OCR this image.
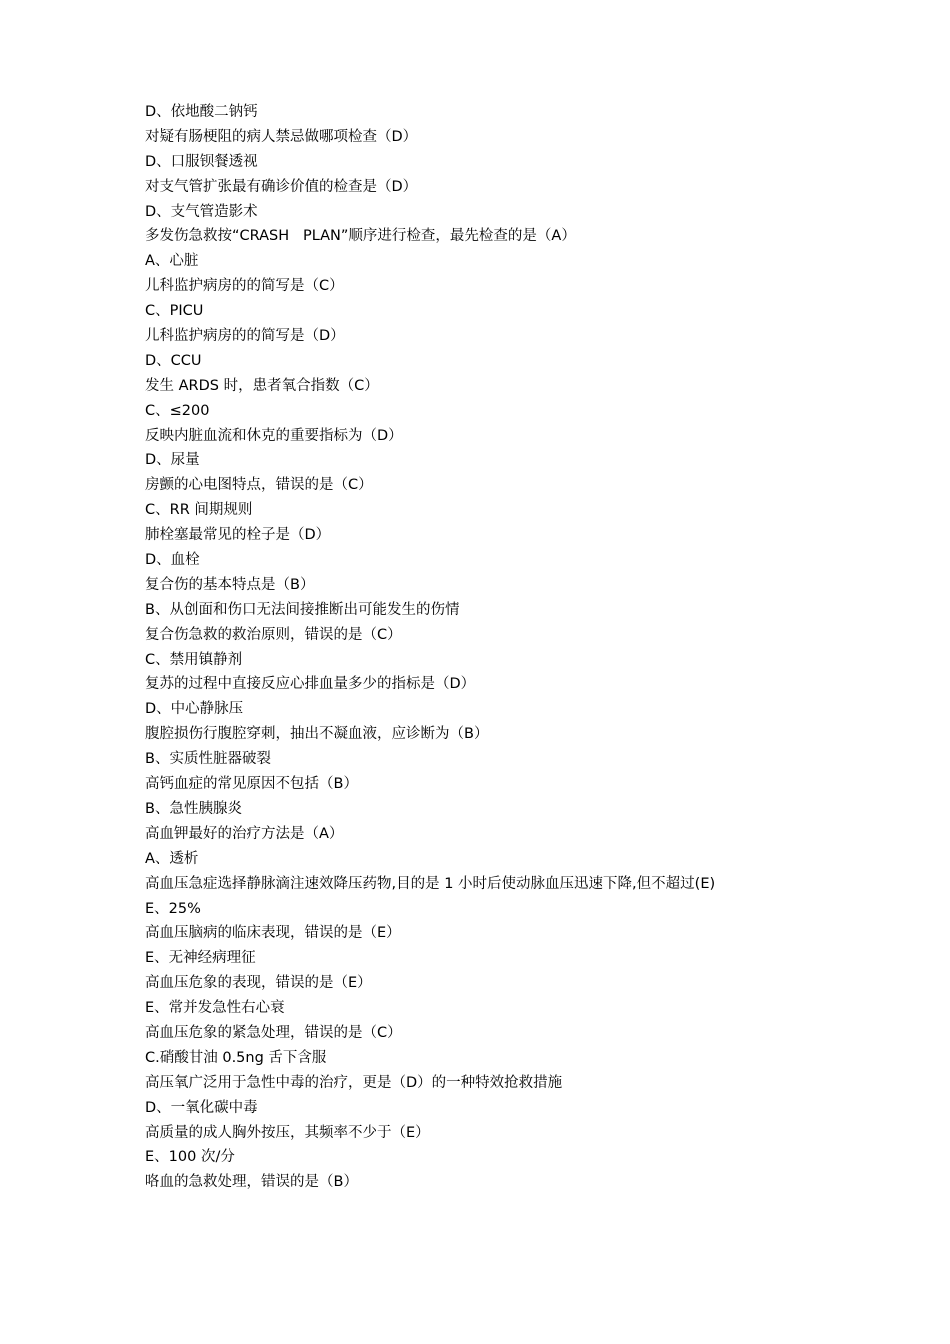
D、依地酸二钠钙
对疑有肠梗阻的病人禁忌做哪项检查（D）
D、口服钡餐透视
对支气管扩张最有确诊价值的检查是（D）
D、支气管造影术
多发伤急救按“CRASH   PLAN”顺序进行检查，最先检查的是（A）
A、心脏
儿科监护病房的的简写是（C）
C、PICU
儿科监护病房的的简写是（D）
D、CCU
发生 ARDS 时，患者氧合指数（C）
C、≤200
反映内脏血流和休克的重要指标为（D）
D、尿量
房颤的心电图特点，错误的是（C）
C、RR 间期规则
肺栓塞最常见的栓子是（D）
D、血栓
复合伤的基本特点是（B）
B、从创面和伤口无法间接推断出可能发生的伤情
复合伤急救的救治原则，错误的是（C）
C、禁用镇静剂
复苏的过程中直接反应心排血量多少的指标是（D）
D、中心静脉压
腹腔损伤行腹腔穿刺，抽出不凝血液，应诊断为（B）
B、实质性脏器破裂
高钙血症的常见原因不包括（B）
B、急性胰腺炎
高血钾最好的治疗方法是（A）
A、透析
高血压急症选择静脉滴注速效降压药物,目的是 1 小时后使动脉血压迅速下降,但不超过(E)
E、25%
高血压脑病的临床表现，错误的是（E）
E、无神经病理征
高血压危象的表现，错误的是（E）
E、常并发急性右心衰
高血压危象的紧急处理，错误的是（C）
C.硝酸甘油 0.5ng 舌下含服
高压氧广泛用于急性中毒的治疗，更是（D）的一种特效抢救措施
D、一氧化碳中毒
高质量的成人胸外按压，其频率不少于（E）
E、100 次/分
咯血的急救处理，错误的是（B）
